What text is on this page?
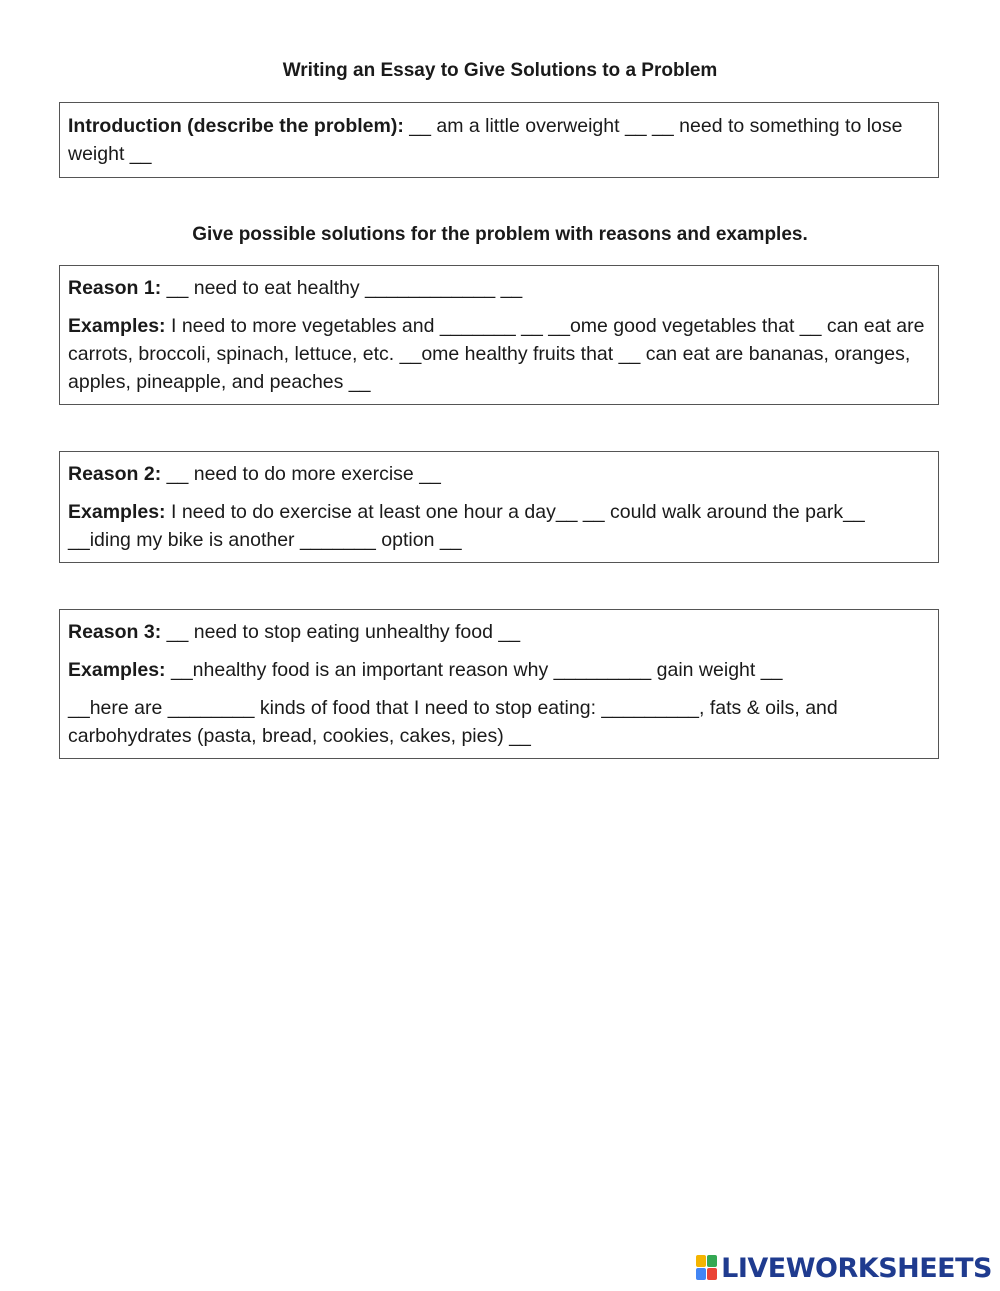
Writing an Essay to Give Solutions to a Problem

Introduction (describe the problem): __ am a little overweight __ __ need to something to lose weight __

Give possible solutions for the problem with reasons and examples.

Reason 1: __ need to eat healthy ____________ __

Examples: I need to more vegetables and _______ __ __ome good vegetables that __ can eat are carrots, broccoli, spinach, lettuce, etc. __ome healthy fruits that __ can eat are bananas, oranges, apples, pineapple, and peaches __

Reason 2: __ need to do more exercise __

Examples: I need to do exercise at least one hour a day__ __ could walk around the park__ __iding my bike is another _______ option __

Reason 3: __ need to stop eating unhealthy food __

Examples: __nhealthy food is an important reason why _________ gain weight __

__here are ________ kinds of food that I need to stop eating: _________, fats & oils, and carbohydrates (pasta, bread, cookies, cakes, pies) __

LIVEWORKSHEETS
